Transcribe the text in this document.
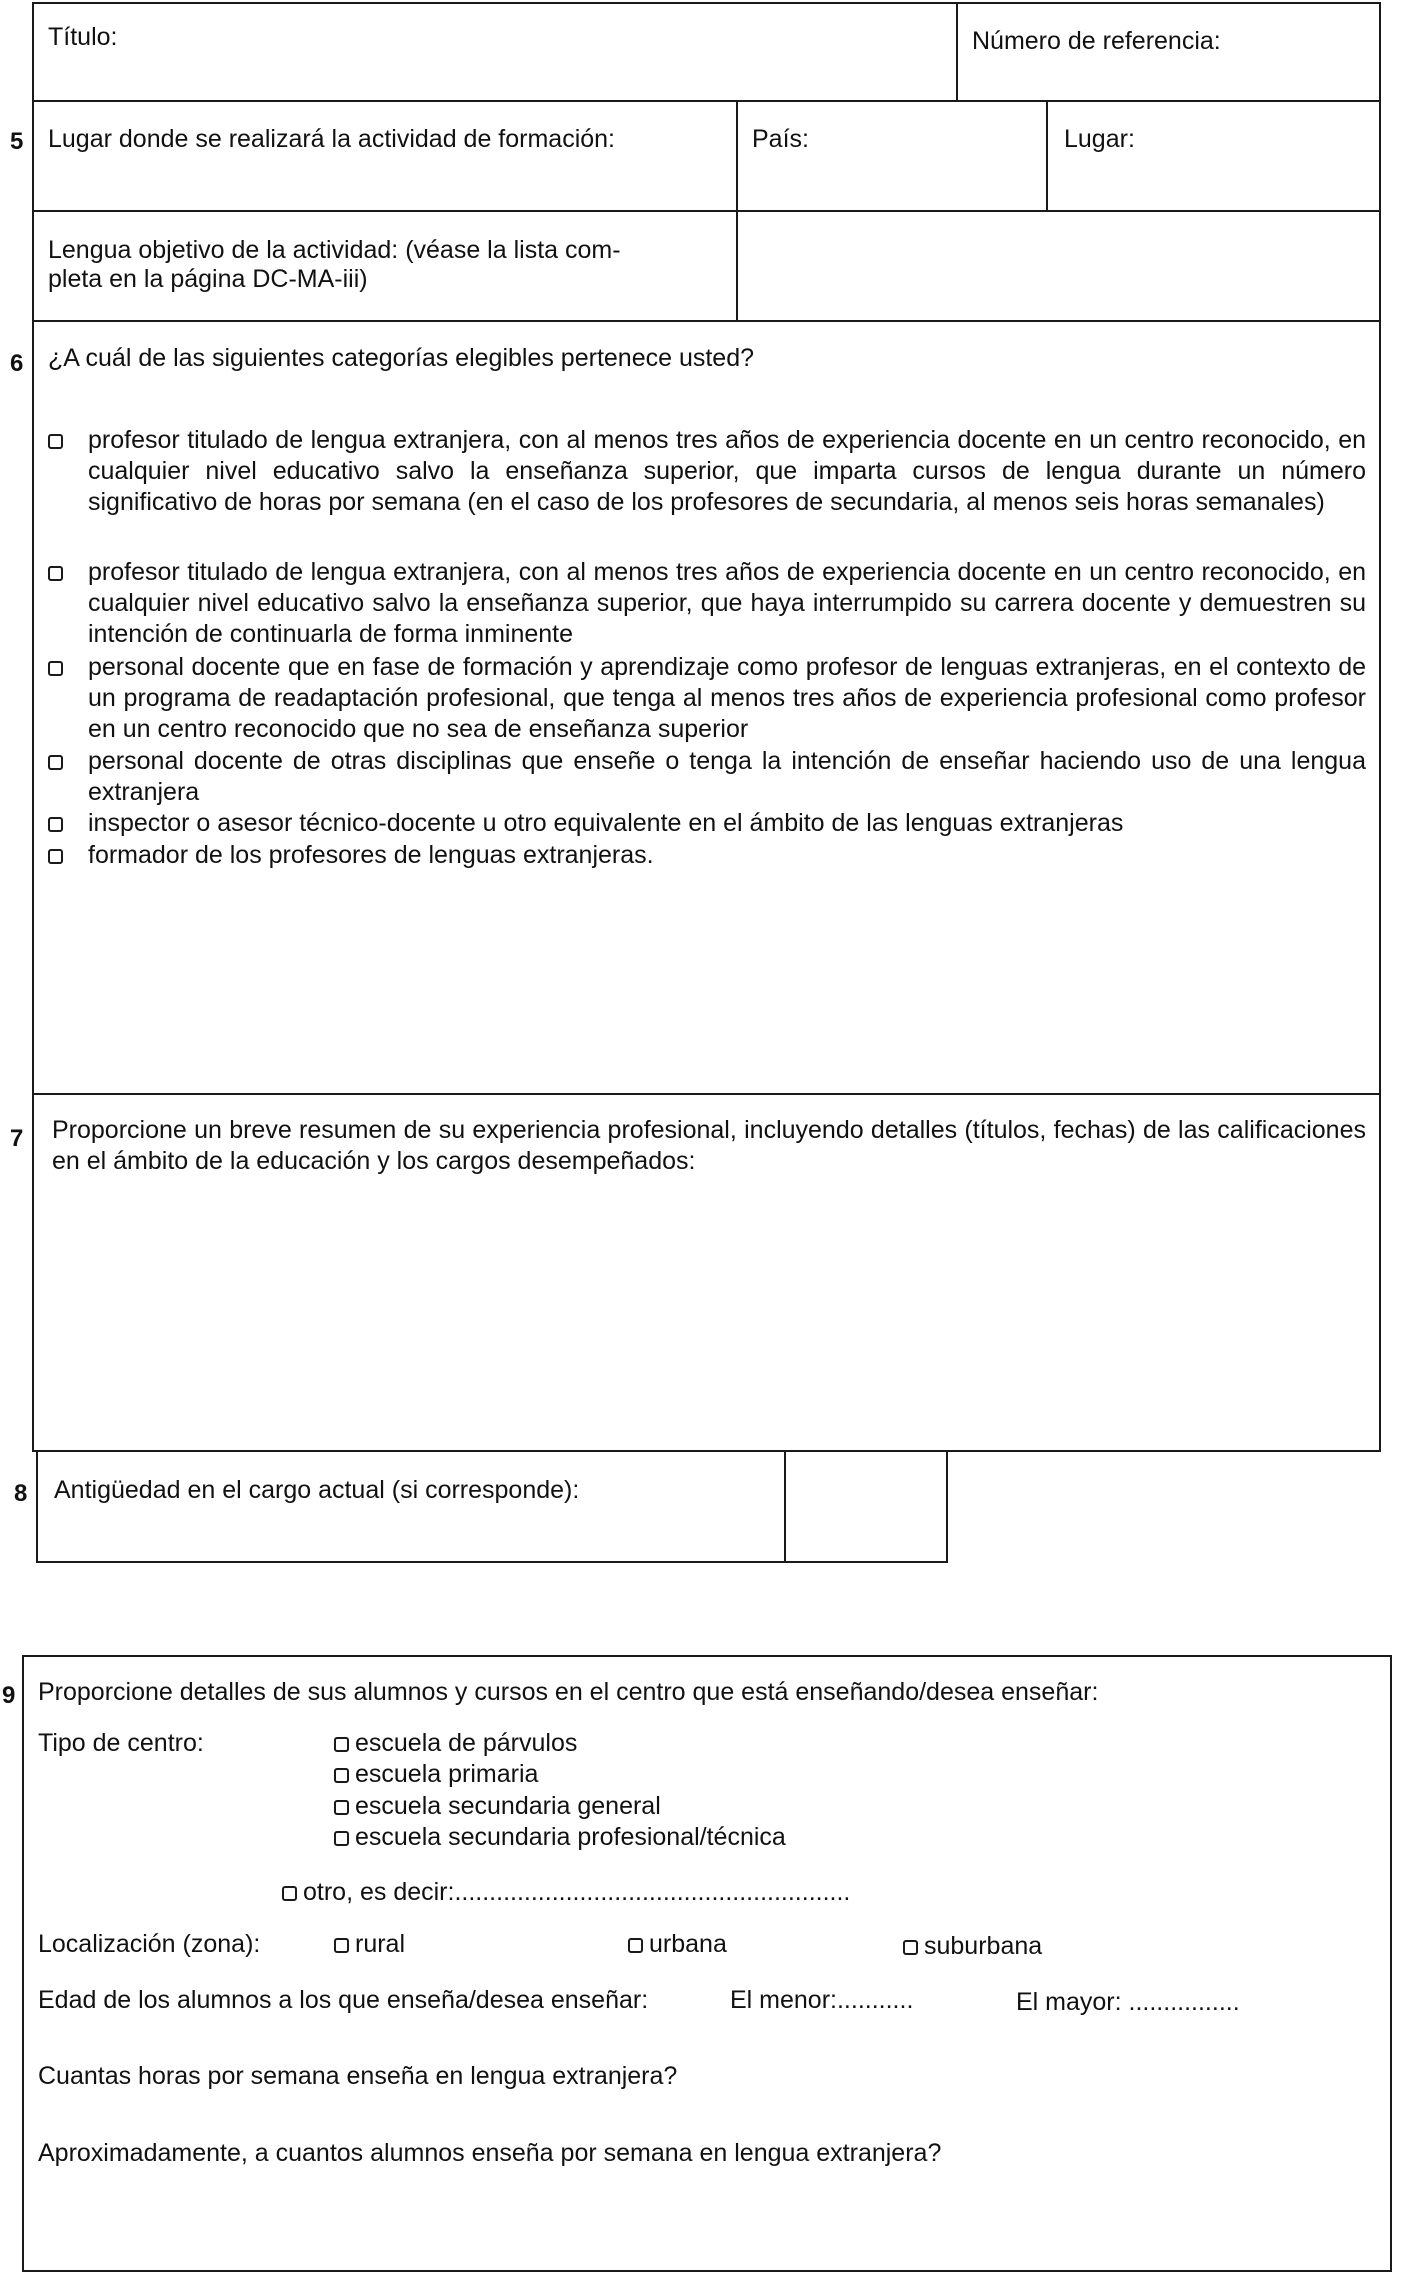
Título:	Número de referencia:
5 Lugar donde se realizará la actividad de formación:	País:	Lugar:
Lengua objetivo de la actividad: (véase la lista com-
pleta en la página DC-MA-iii)
6 ¿A cuál de las siguientes categorías elegibles pertenece usted?
profesor titulado de lengua extranjera, con al menos tres años de experiencia docente en un centro reconocido, en cualquier nivel educativo salvo la enseñanza superior, que imparta cursos de lengua durante un número significativo de horas por semana (en el caso de los profesores de secundaria, al menos seis horas semanales)
profesor titulado de lengua extranjera, con al menos tres años de experiencia docente en un centro reconocido, en cualquier nivel educativo salvo la enseñanza superior, que haya interrumpido su carrera docente y demuestren su intención de continuarla de forma inminente
personal docente que en fase de formación y aprendizaje como profesor de lenguas extranjeras, en el contexto de un programa de readaptación profesional, que tenga al menos tres años de experiencia profesional como profesor en un centro reconocido que no sea de enseñanza superior
personal docente de otras disciplinas que enseñe o tenga la intención de enseñar haciendo uso de una lengua extranjera
inspector o asesor técnico-docente u otro equivalente en el ámbito de las lenguas extranjeras
formador de los profesores de lenguas extranjeras.
7 Proporcione un breve resumen de su experiencia profesional, incluyendo detalles (títulos, fechas) de las calificaciones en el ámbito de la educación y los cargos desempeñados:
8 Antigüedad en el cargo actual (si corresponde):
9 Proporcione detalles de sus alumnos y cursos en el centro que está enseñando/desea enseñar:
Tipo de centro:	escuela de párvulos
escuela primaria
escuela secundaria general
escuela secundaria profesional/técnica
otro, es decir:.........................................................
Localización (zona):	rural	urbana	suburbana
Edad de los alumnos a los que enseña/desea enseñar:	El menor:...........	El mayor: ................
Cuantas horas por semana enseña en lengua extranjera?
Aproximadamente, a cuantos alumnos enseña por semana en lengua extranjera?
